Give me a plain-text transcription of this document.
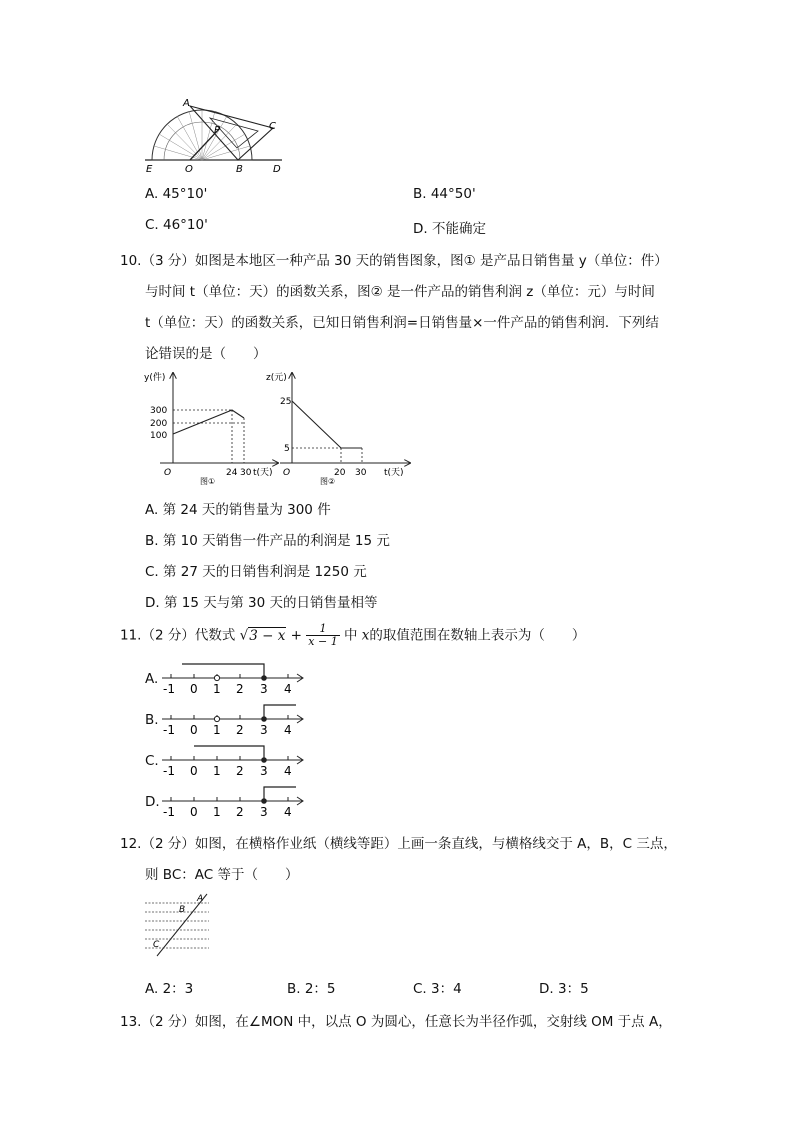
A
C
P
E	O	B	D
A. 45°10'	B. 44°50'
C. 46°10'	D. 不能确定
10.（3 分）如图是本地区一种产品 30 天的销售图象，图① 是产品日销售量 y（单位：件）
与时间 t（单位：天）的函数关系，图② 是一件产品的销售利润 z（单位：元）与时间
t（单位：天）的函数关系，已知日销售利润=日销售量×一件产品的销售利润．下列结
论错误的是（　　）
y(件)
300
200
100
O	24 30 t(天)
图①
z(元)
25
5
O	20 30 t(天)
图②
A. 第 24 天的销售量为 300 件
B. 第 10 天销售一件产品的利润是 15 元
C. 第 27 天的日销售利润是 1250 元
D. 第 15 天与第 30 天的日销售量相等
11.（2 分）代数式 $√3 - x + \frac{1}{x - 1}$ 中 x的取值范围在数轴上表示为（　　）
A.
-1 0 1 2 3 4
B.
-1 0 1 2 3 4
C.
-1 0 1 2 3 4
D.
-1 0 1 2 3 4
12.（2 分）如图，在横格作业纸（横线等距）上画一条直线，与横格线交于 A，B，C 三点，
则 BC：AC 等于（　　）
A
B
C
A. 2：3	B. 2：5	C. 3：4	D. 3：5
13.（2 分）如图，在∠MON 中，以点 O 为圆心，任意长为半径作弧，交射线 OM 于点 A，
